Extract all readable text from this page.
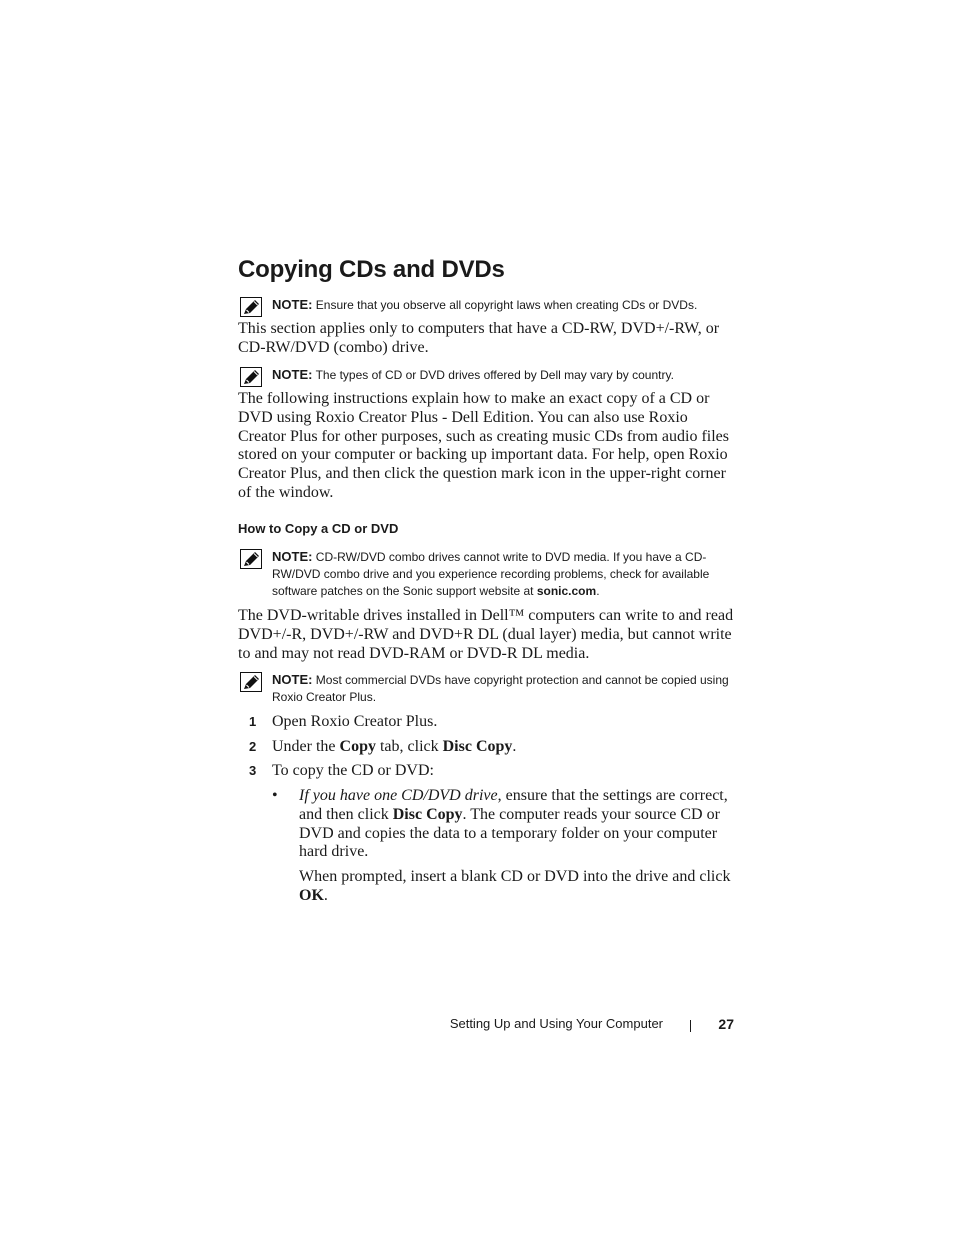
Copying CDs and DVDs
NOTE: Ensure that you observe all copyright laws when creating CDs or DVDs.

This section applies only to computers that have a CD-RW, DVD+/-RW, or CD-RW/DVD (combo) drive.

NOTE: The types of CD or DVD drives offered by Dell may vary by country.

The following instructions explain how to make an exact copy of a CD or DVD using Roxio Creator Plus - Dell Edition. You can also use Roxio Creator Plus for other purposes, such as creating music CDs from audio files stored on your computer or backing up important data. For help, open Roxio Creator Plus, and then click the question mark icon in the upper-right corner of the window.

How to Copy a CD or DVD
NOTE: CD-RW/DVD combo drives cannot write to DVD media. If you have a CD-RW/DVD combo drive and you experience recording problems, check for available software patches on the Sonic support website at sonic.com.

The DVD-writable drives installed in Dell™ computers can write to and read DVD+/-R, DVD+/-RW and DVD+R DL (dual layer) media, but cannot write to and may not read DVD-RAM or DVD-R DL media.

NOTE: Most commercial DVDs have copyright protection and cannot be copied using Roxio Creator Plus.
1 Open Roxio Creator Plus.
2 Under the Copy tab, click Disc Copy.
3 To copy the CD or DVD:
• If you have one CD/DVD drive, ensure that the settings are correct, and then click Disc Copy. The computer reads your source CD or DVD and copies the data to a temporary folder on your computer hard drive.
When prompted, insert a blank CD or DVD into the drive and click OK.
Setting Up and Using Your Computer	27
